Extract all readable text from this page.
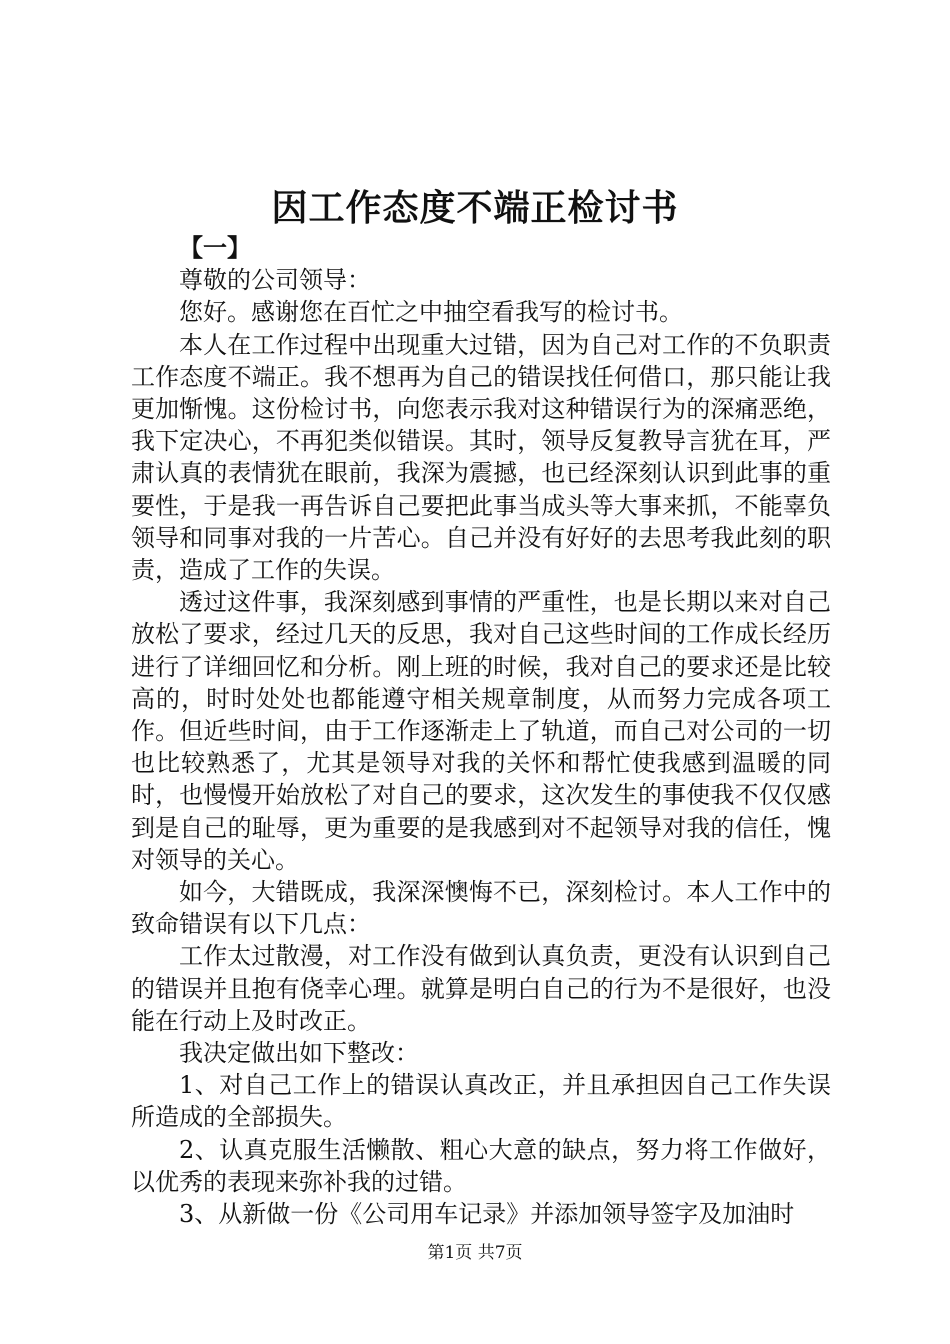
因工作态度不端正检讨书

【一】

尊敬的公司领导：

您好。感谢您在百忙之中抽空看我写的检讨书。

本人在工作过程中出现重大过错，因为自己对工作的不负职责工作态度不端正。我不想再为自己的错误找任何借口，那只能让我更加惭愧。这份检讨书，向您表示我对这种错误行为的深痛恶绝，我下定决心，不再犯类似错误。其时，领导反复教导言犹在耳，严肃认真的表情犹在眼前，我深为震撼，也已经深刻认识到此事的重要性，于是我一再告诉自己要把此事当成头等大事来抓，不能辜负领导和同事对我的一片苦心。自己并没有好好的去思考我此刻的职责，造成了工作的失误。

透过这件事，我深刻感到事情的严重性，也是长期以来对自己放松了要求，经过几天的反思，我对自己这些时间的工作成长经历进行了详细回忆和分析。刚上班的时候，我对自己的要求还是比较高的，时时处处也都能遵守相关规章制度，从而努力完成各项工作。但近些时间，由于工作逐渐走上了轨道，而自己对公司的一切也比较熟悉了，尤其是领导对我的关怀和帮忙使我感到温暖的同时，也慢慢开始放松了对自己的要求，这次发生的事使我不仅仅感到是自己的耻辱，更为重要的是我感到对不起领导对我的信任，愧对领导的关心。

如今，大错既成，我深深懊悔不已，深刻检讨。本人工作中的致命错误有以下几点：

工作太过散漫，对工作没有做到认真负责，更没有认识到自己的错误并且抱有侥幸心理。就算是明白自己的行为不是很好，也没能在行动上及时改正。

我决定做出如下整改：

1、对自己工作上的错误认真改正，并且承担因自己工作失误所造成的全部损失。

2、认真克服生活懒散、粗心大意的缺点，努力将工作做好，以优秀的表现来弥补我的过错。

3、从新做一份《公司用车记录》并添加领导签字及加油时

第1页 共7页
